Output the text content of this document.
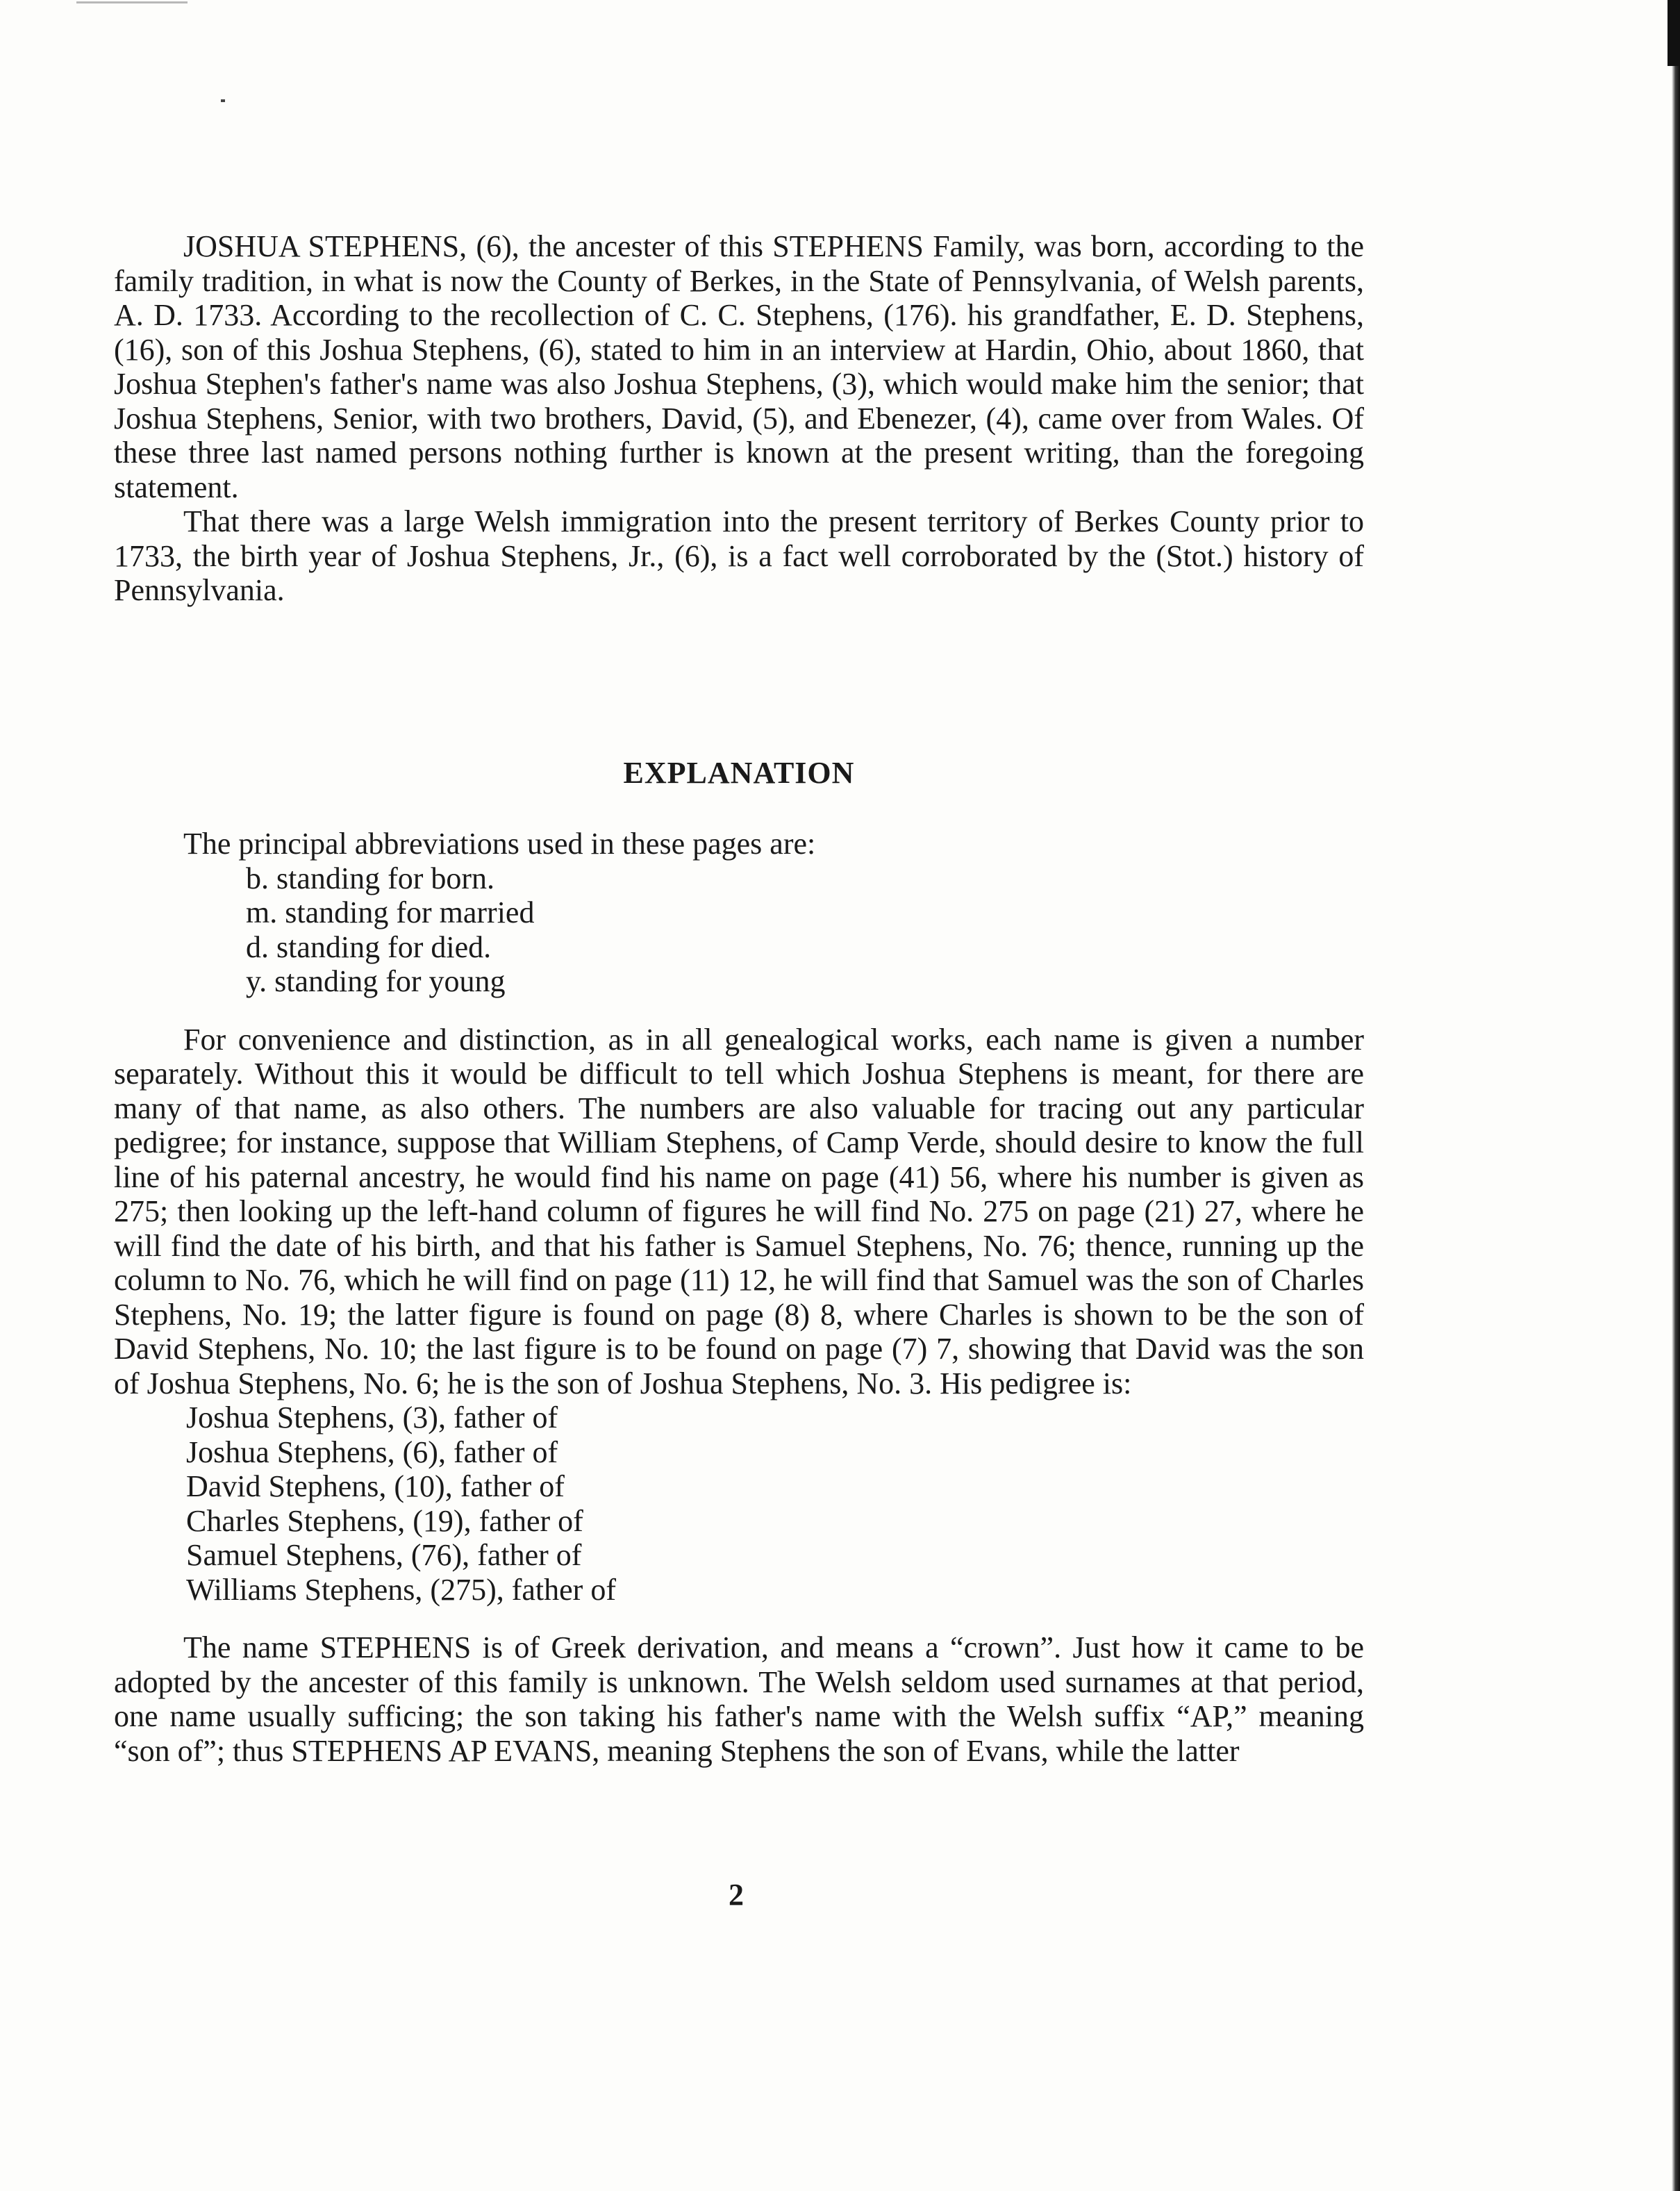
JOSHUA STEPHENS, (6), the ancester of this STEPHENS Family, was born, according to the family tradition, in what is now the County of Berkes, in the State of Pennsylvania, of Welsh parents, A. D. 1733. According to the recollection of C. C. Stephens, (176). his grandfather, E. D. Stephens, (16), son of this Joshua Stephens, (6), stated to him in an interview at Hardin, Ohio, about 1860, that Joshua Stephen's father's name was also Joshua Stephens, (3), which would make him the senior; that Joshua Stephens, Senior, with two brothers, David, (5), and Ebenezer, (4), came over from Wales. Of these three last named persons nothing further is known at the present writing, than the foregoing statement.

That there was a large Welsh immigration into the present territory of Berkes County prior to 1733, the birth year of Joshua Stephens, Jr., (6), is a fact well corroborated by the (Stot.) history of Pennsylvania.

EXPLANATION

The principal abbreviations used in these pages are:

b. standing for born.
m. standing for married
d. standing for died.
y. standing for young

For convenience and distinction, as in all genealogical works, each name is given a number separately. Without this it would be difficult to tell which Joshua Stephens is meant, for there are many of that name, as also others. The numbers are also valuable for tracing out any particular pedigree; for instance, suppose that William Stephens, of Camp Verde, should desire to know the full line of his paternal ancestry, he would find his name on page (41) 56, where his number is given as 275; then looking up the left-hand column of figures he will find No. 275 on page (21) 27, where he will find the date of his birth, and that his father is Samuel Stephens, No. 76; thence, running up the column to No. 76, which he will find on page (11) 12, he will find that Samuel was the son of Charles Stephens, No. 19; the latter figure is found on page (8) 8, where Charles is shown to be the son of David Stephens, No. 10; the last figure is to be found on page (7) 7, showing that David was the son of Joshua Stephens, No. 6; he is the son of Joshua Stephens, No. 3. His pedigree is:

Joshua Stephens, (3), father of
Joshua Stephens, (6), father of
David Stephens, (10), father of
Charles Stephens, (19), father of
Samuel Stephens, (76), father of
Williams Stephens, (275), father of

The name STEPHENS is of Greek derivation, and means a “crown”. Just how it came to be adopted by the ancester of this family is unknown. The Welsh seldom used surnames at that period, one name usually sufficing; the son taking his father's name with the Welsh suffix “AP,” meaning “son of”; thus STEPHENS AP EVANS, meaning Stephens the son of Evans, while the latter

2
